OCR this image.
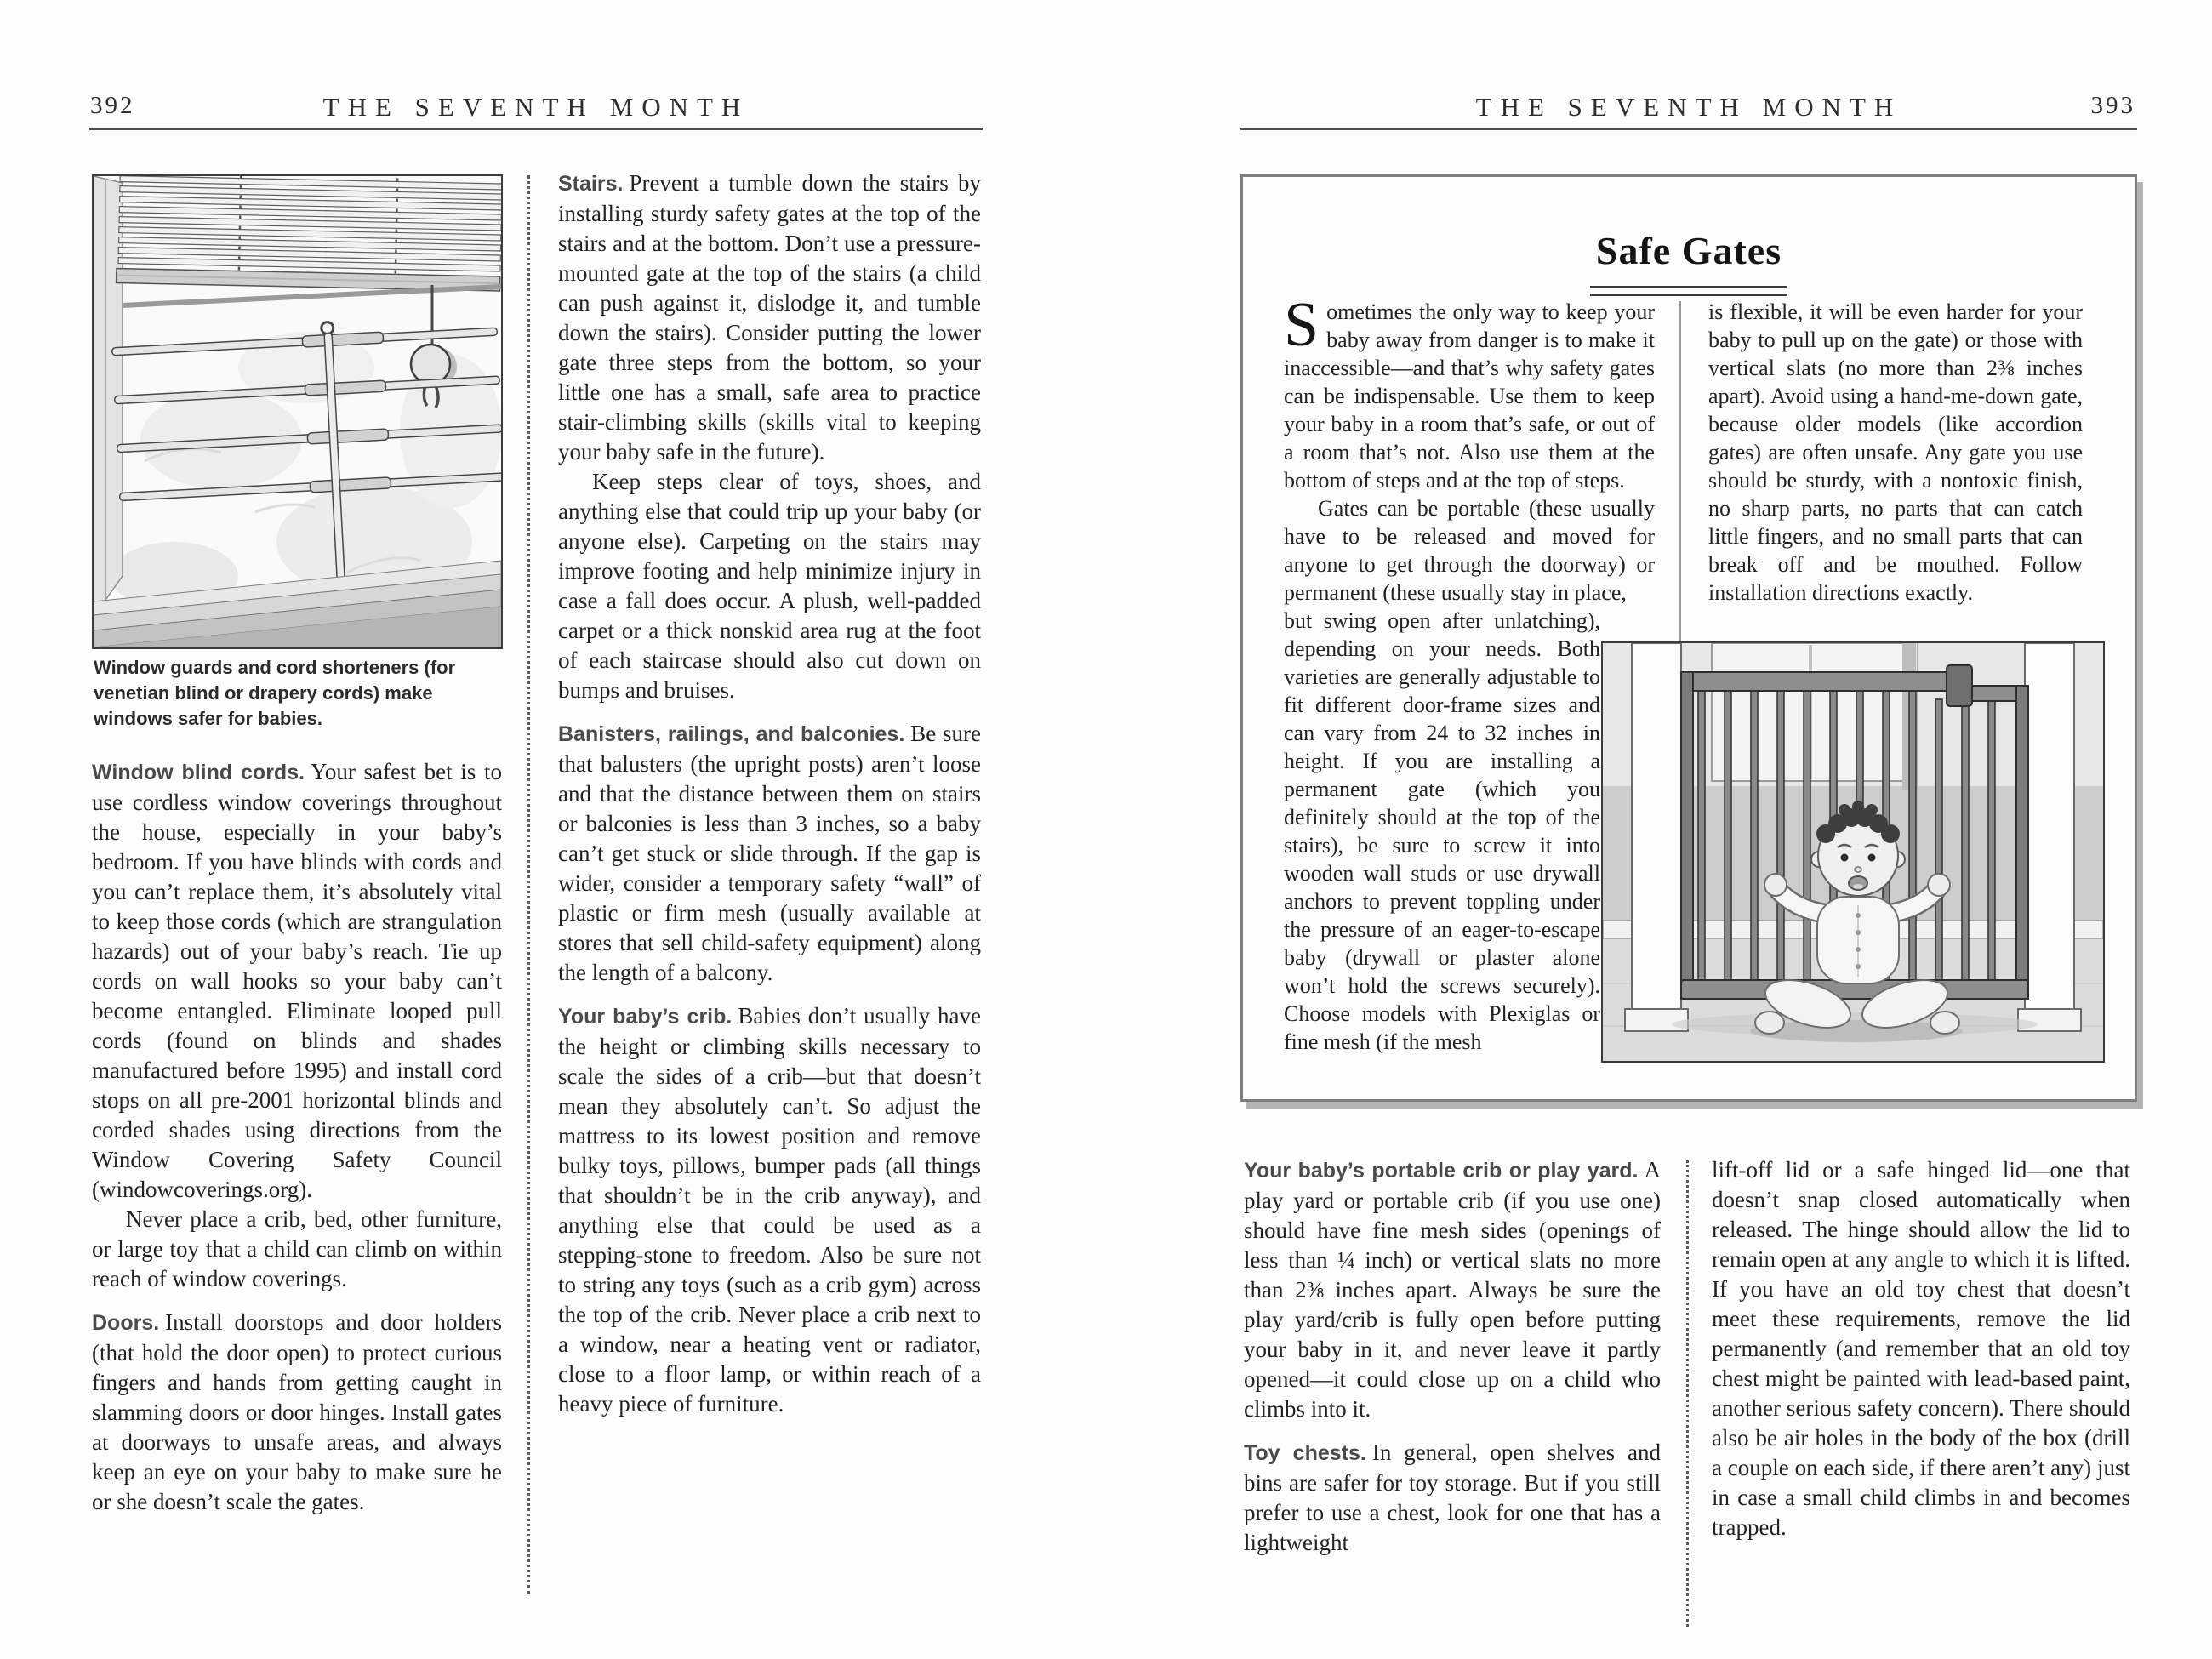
392	THE SEVENTH MONTH
Window guards and cord shorteners (for venetian blind or drapery cords) make windows safer for babies.

Window blind cords. Your safest bet is to use cordless window coverings throughout the house, especially in your baby’s bedroom. If you have blinds with cords and you can’t replace them, it’s absolutely vital to keep those cords (which are strangulation hazards) out of your baby’s reach. Tie up cords on wall hooks so your baby can’t become entangled. Eliminate looped pull cords (found on blinds and shades manufactured before 1995) and install cord stops on all pre-2001 horizontal blinds and corded shades using directions from the Window Covering Safety Council (windowcoverings.org).

Never place a crib, bed, other furniture, or large toy that a child can climb on within reach of window coverings.

Doors. Install doorstops and door holders (that hold the door open) to protect curious fingers and hands from getting caught in slamming doors or door hinges. Install gates at doorways to unsafe areas, and always keep an eye on your baby to make sure he or she doesn’t scale the gates.

Stairs. Prevent a tumble down the stairs by installing sturdy safety gates at the top of the stairs and at the bottom. Don’t use a pressure-mounted gate at the top of the stairs (a child can push against it, dislodge it, and tumble down the stairs). Consider putting the lower gate three steps from the bottom, so your little one has a small, safe area to practice stair-climbing skills (skills vital to keeping your baby safe in the future).

Keep steps clear of toys, shoes, and anything else that could trip up your baby (or anyone else). Carpeting on the stairs may improve footing and help minimize injury in case a fall does occur. A plush, well-padded carpet or a thick nonskid area rug at the foot of each staircase should also cut down on bumps and bruises.

Banisters, railings, and balconies. Be sure that balusters (the upright posts) aren’t loose and that the distance between them on stairs or balconies is less than 3 inches, so a baby can’t get stuck or slide through. If the gap is wider, consider a temporary safety “wall” of plastic or firm mesh (usually available at stores that sell child-safety equipment) along the length of a balcony.

Your baby’s crib. Babies don’t usually have the height or climbing skills necessary to scale the sides of a crib—but that doesn’t mean they absolutely can’t. So adjust the mattress to its lowest position and remove bulky toys, pillows, bumper pads (all things that shouldn’t be in the crib anyway), and anything else that could be used as a stepping-stone to freedom. Also be sure not to string any toys (such as a crib gym) across the top of the crib. Never place a crib next to a window, near a heating vent or radiator, close to a floor lamp, or within reach of a heavy piece of furniture.

THE SEVENTH MONTH	393
Safe Gates

Sometimes the only way to keep your baby away from danger is to make it inaccessible—and that’s why safety gates can be indispensable. Use them to keep your baby in a room that’s safe, or out of a room that’s not. Also use them at the bottom of steps and at the top of steps.

Gates can be portable (these usually have to be released and moved for anyone to get through the doorway) or permanent (these usually stay in place,

but swing open after unlatching), depending on your needs. Both varieties are generally adjustable to fit different door-frame sizes and can vary from 24 to 32 inches in height. If you are installing a permanent gate (which you definitely should at the top of the stairs), be sure to screw it into wooden wall studs or use drywall anchors to prevent toppling under the pressure of an eager-to-escape baby (drywall or plaster alone won’t hold the screws securely). Choose models with Plexiglas or fine mesh (if the mesh

is flexible, it will be even harder for your baby to pull up on the gate) or those with vertical slats (no more than 2⅜ inches apart). Avoid using a hand-me-down gate, because older models (like accordion gates) are often unsafe. Any gate you use should be sturdy, with a nontoxic finish, no sharp parts, no parts that can catch little fingers, and no small parts that can break off and be mouthed. Follow installation directions exactly.

Your baby’s portable crib or play yard. A play yard or portable crib (if you use one) should have fine mesh sides (openings of less than ¼ inch) or vertical slats no more than 2⅜ inches apart. Always be sure the play yard/crib is fully open before putting your baby in it, and never leave it partly opened—it could close up on a child who climbs into it.

Toy chests. In general, open shelves and bins are safer for toy storage. But if you still prefer to use a chest, look for one that has a lightweight

lift-off lid or a safe hinged lid—one that doesn’t snap closed automatically when released. The hinge should allow the lid to remain open at any angle to which it is lifted. If you have an old toy chest that doesn’t meet these requirements, remove the lid permanently (and remember that an old toy chest might be painted with lead-based paint, another serious safety concern). There should also be air holes in the body of the box (drill a couple on each side, if there aren’t any) just in case a small child climbs in and becomes trapped.
